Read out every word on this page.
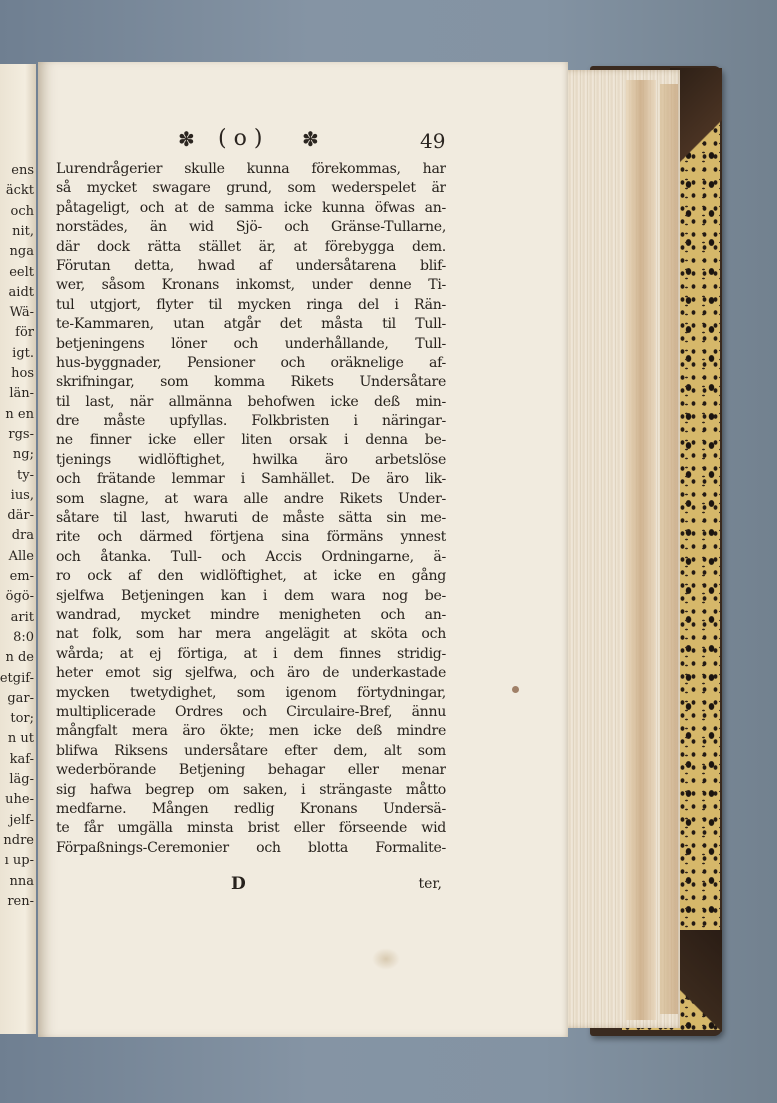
ens
äckt
och
nit,
nga
eelt
aidt
Wä-
för
igt.
hos
län-
n en
rgs-
ng;
ty-
ius,
där-
dra
Alle
em-
ögö-
arit
8:0
n de
etgif-
gar-
tor;
n ut
kaf-
läg-
uhe-
jelf-
ndre
ı up-
nna
ren-
✽ ( o ) ✽	49
Lurendrågerier skulle kunna förekommas, har
så mycket swagare grund, som wederspelet är
påtageligt, och at de samma icke kunna öfwas an-
norstädes, än wid Sjö- och Gränse-Tullarne,
där dock rätta stället är, at förebygga dem.
Förutan detta, hwad af undersåtarena blif-
wer, såsom Kronans inkomst, under denne Ti-
tul utgjort, flyter til mycken ringa del i Rän-
te-Kammaren, utan atgår det måsta til Tull-
betjeningens löner och underhållande, Tull-
hus-byggnader, Pensioner och oräknelige af-
skrifningar, som komma Rikets Undersåtare
til last, när allmänna behofwen icke deß min-
dre måste upfyllas. Folkbristen i näringar-
ne finner icke eller liten orsak i denna be-
tjenings widlöftighet, hwilka äro arbetslöse
och frätande lemmar i Samhället. De äro lik-
som slagne, at wara alle andre Rikets Under-
såtare til last, hwaruti de måste sätta sin me-
rite och därmed förtjena sina förmäns ynnest
och åtanka. Tull- och Accis Ordningarne, ä-
ro ock af den widlöftighet, at icke en gång
sjelfwa Betjeningen kan i dem wara nog be-
wandrad, mycket mindre menigheten och an-
nat folk, som har mera angelägit at sköta och
wårda; at ej förtiga, at i dem finnes stridig-
heter emot sig sjelfwa, och äro de underkastade
mycken twetydighet, som igenom förtydningar,
multiplicerade Ordres och Circulaire-Bref, ännu
mångfalt mera äro ökte; men icke deß mindre
blifwa Riksens undersåtare efter dem, alt som
wederbörande Betjening behagar eller menar
sig hafwa begrep om saken, i strängaste måtto
medfarne. Mången redlig Kronans Undersä-
te får umgälla minsta brist eller förseende wid
Förpaßnings-Ceremonier och blotta Formalite-
D	ter,
